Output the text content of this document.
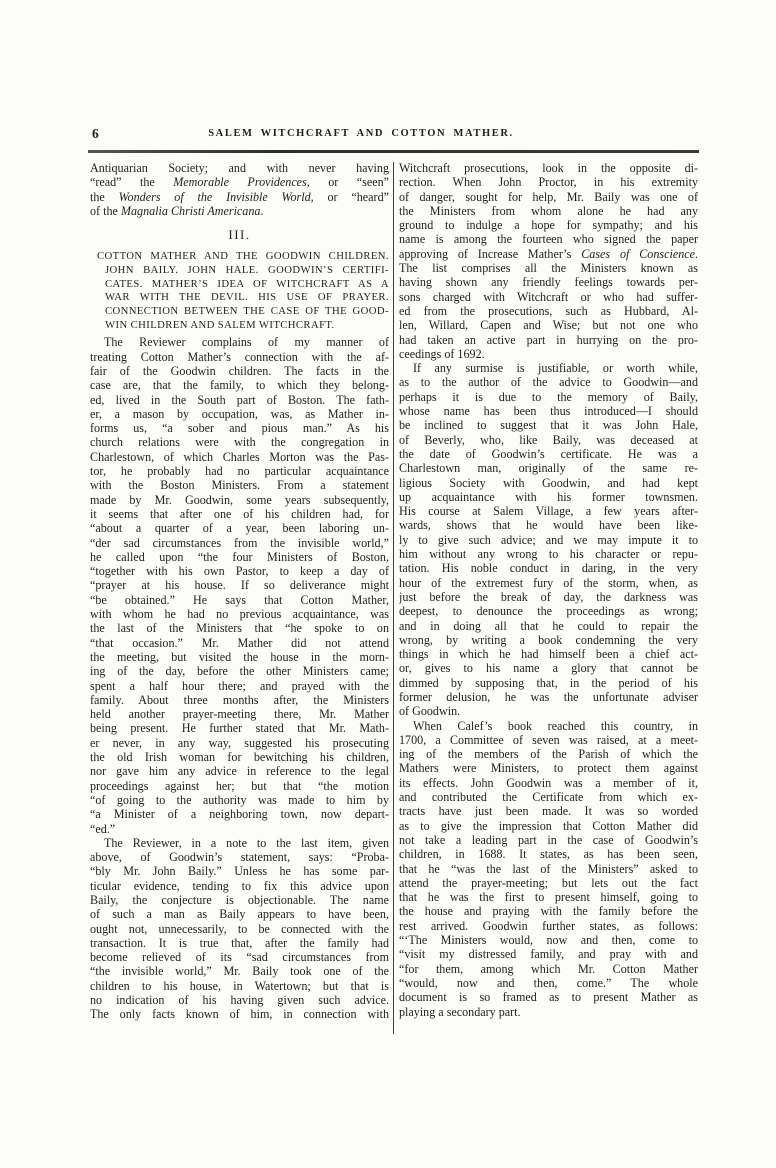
6	SALEM WITCHCRAFT AND COTTON MATHER.
Antiquarian Society; and with never having
“read” the Memorable Providences, or “seen”
the Wonders of the Invisible World, or “heard”
of the Magnalia Christi Americana.
III.
COTTON MATHER AND THE GOODWIN CHILDREN.
JOHN BAILY. JOHN HALE. GOODWIN’S CERTIFI-
CATES. MATHER’S IDEA OF WITCHCRAFT AS A
WAR WITH THE DEVIL. HIS USE OF PRAYER.
CONNECTION BETWEEN THE CASE OF THE GOOD-
WIN CHILDREN AND SALEM WITCHCRAFT.
The Reviewer complains of my manner of
treating Cotton Mather’s connection with the af-
fair of the Goodwin children. The facts in the
case are, that the family, to which they belong-
ed, lived in the South part of Boston. The fath-
er, a mason by occupation, was, as Mather in-
forms us, “a sober and pious man.” As his
church relations were with the congregation in
Charlestown, of which Charles Morton was the Pas-
tor, he probably had no particular acquaintance
with the Boston Ministers. From a statement
made by Mr. Goodwin, some years subsequently,
it seems that after one of his children had, for
“about a quarter of a year, been laboring un-
“der sad circumstances from the invisible world,”
he called upon “the four Ministers of Boston,
“together with his own Pastor, to keep a day of
“prayer at his house. If so deliverance might
“be obtained.” He says that Cotton Mather,
with whom he had no previous acquaintance, was
the last of the Ministers that “he spoke to on
“that occasion.” Mr. Mather did not attend
the meeting, but visited the house in the morn-
ing of the day, before the other Ministers came;
spent a half hour there; and prayed with the
family. About three months after, the Ministers
held another prayer-meeting there, Mr. Mather
being present. He further stated that Mr. Math-
er never, in any way, suggested his prosecuting
the old Irish woman for bewitching his children,
nor gave him any advice in reference to the legal
proceedings against her; but that “the motion
“of going to the authority was made to him by
“a Minister of a neighboring town, now depart-
“ed.”
The Reviewer, in a note to the last item, given
above, of Goodwin’s statement, says: “Proba-
“bly Mr. John Baily.” Unless he has some par-
ticular evidence, tending to fix this advice upon
Baily, the conjecture is objectionable. The name
of such a man as Baily appears to have been,
ought not, unnecessarily, to be connected with the
transaction. It is true that, after the family had
become relieved of its “sad circumstances from
“the invisible world,” Mr. Baily took one of the
children to his house, in Watertown; but that is
no indication of his having given such advice.
The only facts known of him, in connection with
Witchcraft prosecutions, look in the opposite di-
rection. When John Proctor, in his extremity
of danger, sought for help, Mr. Baily was one of
the Ministers from whom alone he had any
ground to indulge a hope for sympathy; and his
name is among the fourteen who signed the paper
approving of Increase Mather’s Cases of Conscience.
The list comprises all the Ministers known as
having shown any friendly feelings towards per-
sons charged with Witchcraft or who had suffer-
ed from the prosecutions, such as Hubbard, Al-
len, Willard, Capen and Wise; but not one who
had taken an active part in hurrying on the pro-
ceedings of 1692.
If any surmise is justifiable, or worth while,
as to the author of the advice to Goodwin—and
perhaps it is due to the memory of Baily,
whose name has been thus introduced—I should
be inclined to suggest that it was John Hale,
of Beverly, who, like Baily, was deceased at
the date of Goodwin’s certificate. He was a
Charlestown man, originally of the same re-
ligious Society with Goodwin, and had kept
up acquaintance with his former townsmen.
His course at Salem Village, a few years after-
wards, shows that he would have been like-
ly to give such advice; and we may impute it to
him without any wrong to his character or repu-
tation. His noble conduct in daring, in the very
hour of the extremest fury of the storm, when, as
just before the break of day, the darkness was
deepest, to denounce the proceedings as wrong;
and in doing all that he could to repair the
wrong, by writing a book condemning the very
things in which he had himself been a chief act-
or, gives to his name a glory that cannot be
dimmed by supposing that, in the period of his
former delusion, he was the unfortunate adviser
of Goodwin.
When Calef’s book reached this country, in
1700, a Committee of seven was raised, at a meet-
ing of the members of the Parish of which the
Mathers were Ministers, to protect them against
its effects. John Goodwin was a member of it,
and contributed the Certificate from which ex-
tracts have just been made. It was so worded
as to give the impression that Cotton Mather did
not take a leading part in the case of Goodwin’s
children, in 1688. It states, as has been seen,
that he “was the last of the Ministers” asked to
attend the prayer-meeting; but lets out the fact
that he was the first to present himself, going to
the house and praying with the family before the
rest arrived. Goodwin further states, as follows:
“‘The Ministers would, now and then, come to
“visit my distressed family, and pray with and
“for them, among which Mr. Cotton Mather
“would, now and then, come.” The whole
document is so framed as to present Mather as
playing a secondary part.
